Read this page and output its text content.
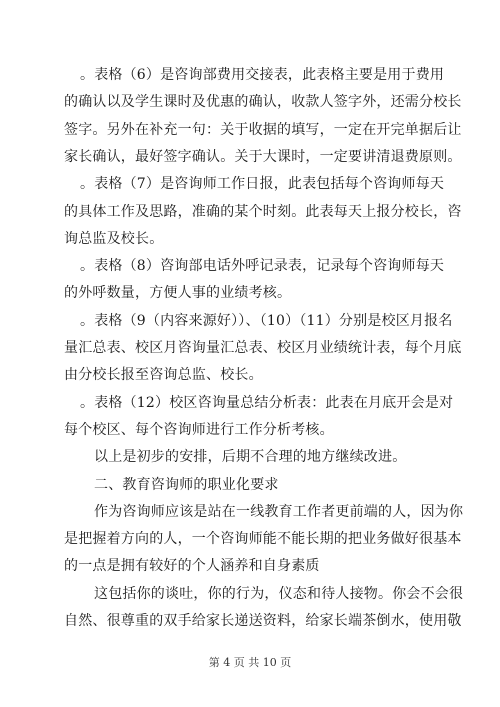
。表格（6）是咨询部费用交接表，此表格主要是用于费用
的确认以及学生课时及优惠的确认，收款人签字外，还需分校长
签字。另外在补充一句：关于收据的填写，一定在开完单据后让
家长确认，最好签字确认。关于大课时，一定要讲清退费原则。
。表格（7）是咨询师工作日报，此表包括每个咨询师每天
的具体工作及思路，准确的某个时刻。此表每天上报分校长，咨
询总监及校长。
。表格（8）咨询部电话外呼记录表，记录每个咨询师每天
的外呼数量，方便人事的业绩考核。
。表格（9（内容来源好））、（10）（11）分别是校区月报名
量汇总表、校区月咨询量汇总表、校区月业绩统计表，每个月底
由分校长报至咨询总监、校长。
。表格（12）校区咨询量总结分析表：此表在月底开会是对
每个校区、每个咨询师进行工作分析考核。
以上是初步的安排，后期不合理的地方继续改进。
二、教育咨询师的职业化要求
作为咨询师应该是站在一线教育工作者更前端的人，因为你
是把握着方向的人，一个咨询师能不能长期的把业务做好很基本
的一点是拥有较好的个人涵养和自身素质
这包括你的谈吐，你的行为，仪态和待人接物。你会不会很
自然、很尊重的双手给家长递送资料，给家长端茶倒水，使用敬
第 4 页 共 10 页
